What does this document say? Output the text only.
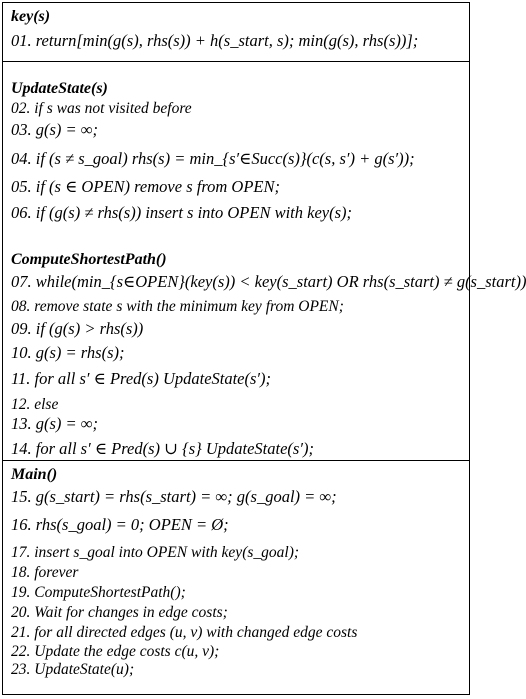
key(s)
01. return[min(g(s), rhs(s)) + h(s_start, s); min(g(s), rhs(s))];
UpdateState(s)
02. if s was not visited before
03. g(s) = ∞;
04. if (s ≠ s_goal) rhs(s) = min_{s′∈Succ(s)}(c(s, s′) + g(s′));
05. if (s ∈ OPEN) remove s from OPEN;
06. if (g(s) ≠ rhs(s)) insert s into OPEN with key(s);
ComputeShortestPath()
07. while(min_{s∈OPEN}(key(s)) < key(s_start) OR rhs(s_start) ≠ g(s_start))
08. remove state s with the minimum key from OPEN;
09. if (g(s) > rhs(s))
10. g(s) = rhs(s);
11. for all s′ ∈ Pred(s) UpdateState(s′);
12. else
13. g(s) = ∞;
14. for all s′ ∈ Pred(s) ∪ {s} UpdateState(s′);
Main()
15. g(s_start) = rhs(s_start) = ∞; g(s_goal) = ∞;
16. rhs(s_goal) = 0; OPEN = Ø;
17. insert s_goal into OPEN with key(s_goal);
18. forever
19. ComputeShortestPath();
20. Wait for changes in edge costs;
21. for all directed edges (u, v) with changed edge costs
22. Update the edge costs c(u, v);
23. UpdateState(u);
